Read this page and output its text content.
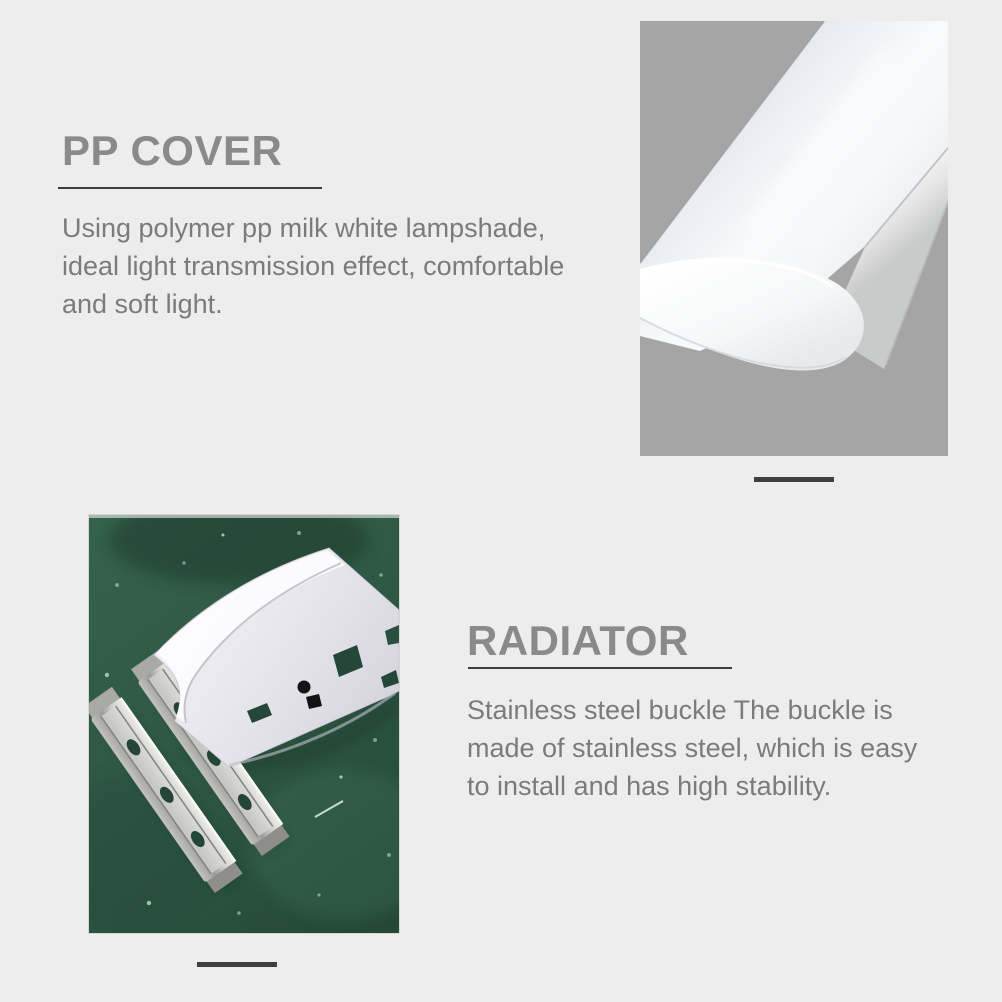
PP COVER
Using polymer pp milk white lampshade,
ideal light transmission effect, comfortable
and soft light.
RADIATOR
Stainless steel buckle The buckle is
made of stainless steel, which is easy
to install and has high stability.
